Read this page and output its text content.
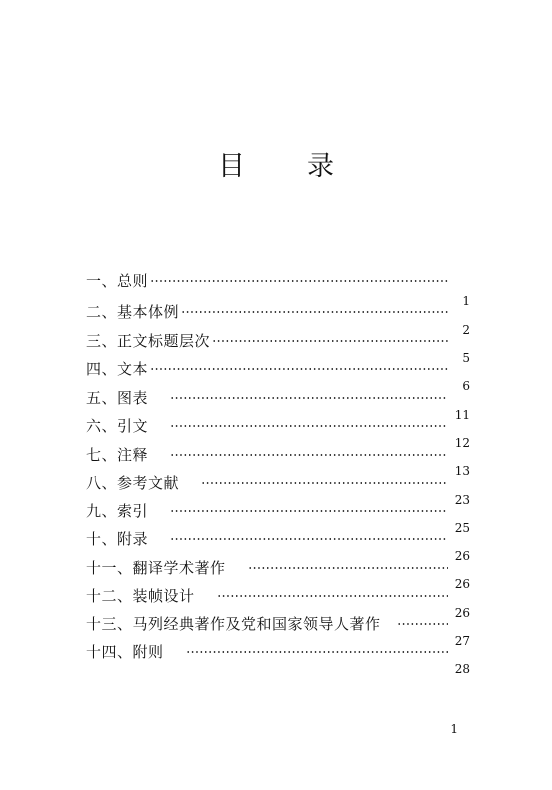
目 录
一、总则
1
二、基本体例
2
三、正文标题层次
5
四、文本
6
五、图表
11
六、引文
12
七、注释
13
八、参考文献
23
九、索引
25
十、附录
26
十一、翻译学术著作
26
十二、装帧设计
26
十三、马列经典著作及党和国家领导人著作
27
十四、附则
28
1
